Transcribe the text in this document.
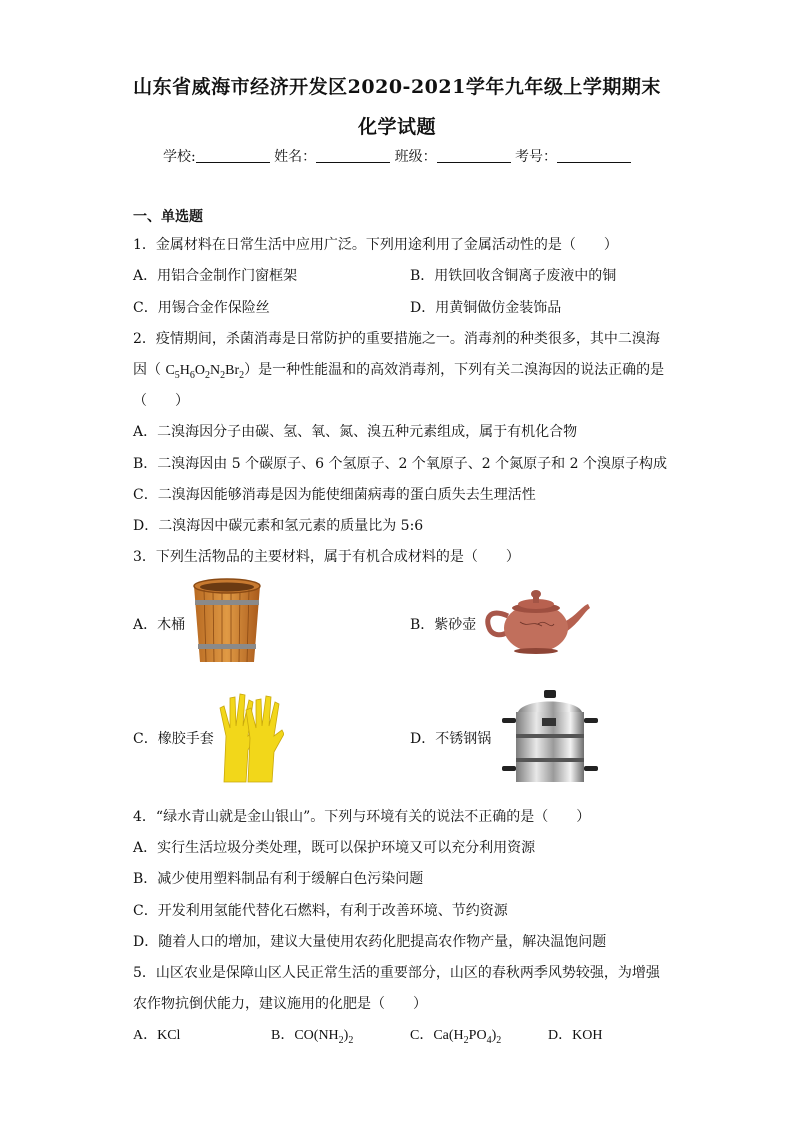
山东省威海市经济开发区2020-2021学年九年级上学期期末
化学试题
学校:	姓名：	班级：	考号：
一、单选题
1．金属材料在日常生活中应用广泛。下列用途利用了金属活动性的是（　　）
A．用铝合金制作门窗框架	B．用铁回收含铜离子废液中的铜
C．用锡合金作保险丝	D．用黄铜做仿金装饰品
2．疫情期间，杀菌消毒是日常防护的重要措施之一。消毒剂的种类很多，其中二溴海
因（ $C_5H_6O_2N_2Br_2$）是一种性能温和的高效消毒剂，下列有关二溴海因的说法正确的是
（　　）
A．二溴海因分子由碳、氢、氧、氮、溴五种元素组成，属于有机化合物
B．二溴海因由 5 个碳原子、6 个氢原子、2 个氧原子、2 个氮原子和 2 个溴原子构成
C．二溴海因能够消毒是因为能使细菌病毒的蛋白质失去生理活性
D．二溴海因中碳元素和氢元素的质量比为 5:6
3．下列生活物品的主要材料，属于有机合成材料的是（　　）
A．木桶	B．紫砂壶
C．橡胶手套	D．不锈钢锅
4．“绿水青山就是金山银山”。下列与环境有关的说法不正确的是（　　）
A．实行生活垃圾分类处理，既可以保护环境又可以充分利用资源
B．减少使用塑料制品有利于缓解白色污染问题
C．开发利用氢能代替化石燃料，有利于改善环境、节约资源
D．随着人口的增加，建议大量使用农药化肥提高农作物产量，解决温饱问题
5．山区农业是保障山区人民正常生活的重要部分，山区的春秋两季风势较强，为增强
农作物抗倒伏能力，建议施用的化肥是（　　）
A．KCl	B．$CO(NH_2)_2$	C．$Ca(H_2PO_4)_2$	D．KOH
